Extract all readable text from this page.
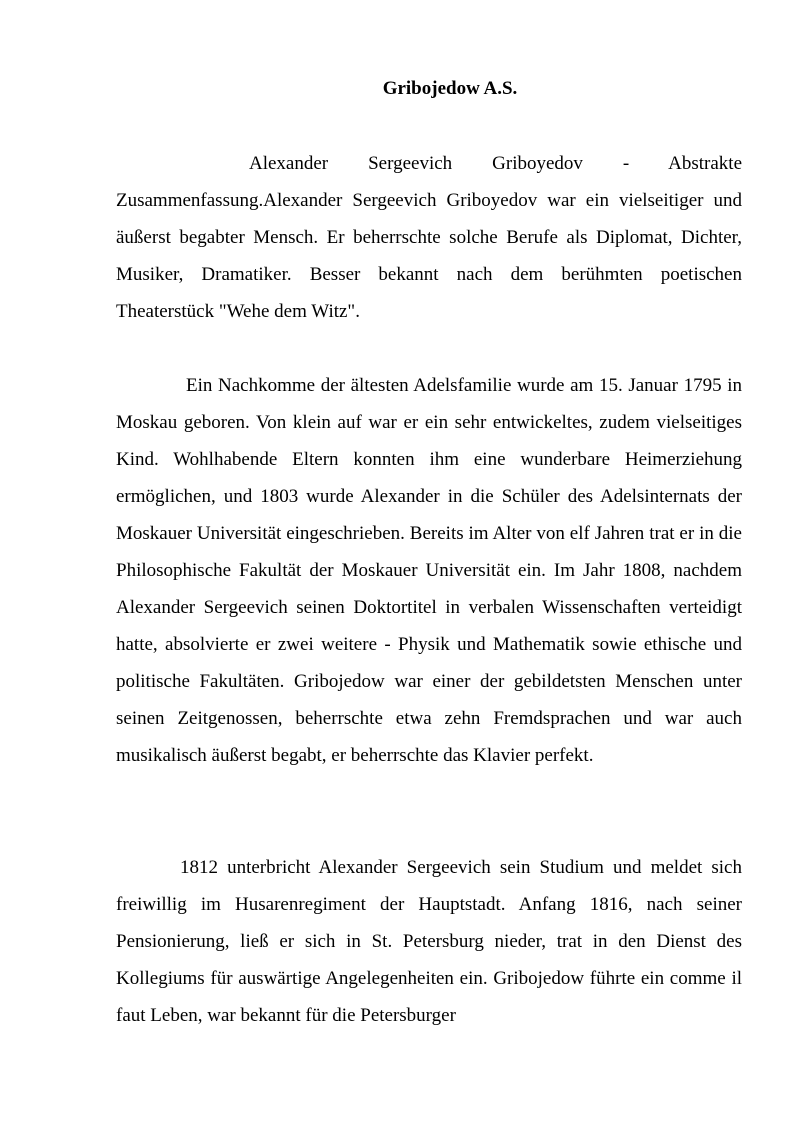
Gribojedow A.S.

Alexander Sergeevich Griboyedov - Abstrakte Zusammenfassung.Alexander Sergeevich Griboyedov war ein vielseitiger und äußerst begabter Mensch. Er beherrschte solche Berufe als Diplomat, Dichter, Musiker, Dramatiker. Besser bekannt nach dem berühmten poetischen Theaterstück "Wehe dem Witz".

Ein Nachkomme der ältesten Adelsfamilie wurde am 15. Januar 1795 in Moskau geboren. Von klein auf war er ein sehr entwickeltes, zudem vielseitiges Kind. Wohlhabende Eltern konnten ihm eine wunderbare Heimerziehung ermöglichen, und 1803 wurde Alexander in die Schüler des Adelsinternats der Moskauer Universität eingeschrieben. Bereits im Alter von elf Jahren trat er in die Philosophische Fakultät der Moskauer Universität ein. Im Jahr 1808, nachdem Alexander Sergeevich seinen Doktortitel in verbalen Wissenschaften verteidigt hatte, absolvierte er zwei weitere - Physik und Mathematik sowie ethische und politische Fakultäten. Gribojedow war einer der gebildetsten Menschen unter seinen Zeitgenossen, beherrschte etwa zehn Fremdsprachen und war auch musikalisch äußerst begabt, er beherrschte das Klavier perfekt.

1812 unterbricht Alexander Sergeevich sein Studium und meldet sich freiwillig im Husarenregiment der Hauptstadt. Anfang 1816, nach seiner Pensionierung, ließ er sich in St. Petersburg nieder, trat in den Dienst des Kollegiums für auswärtige Angelegenheiten ein. Gribojedow führte ein comme il faut Leben, war bekannt für die Petersburger
